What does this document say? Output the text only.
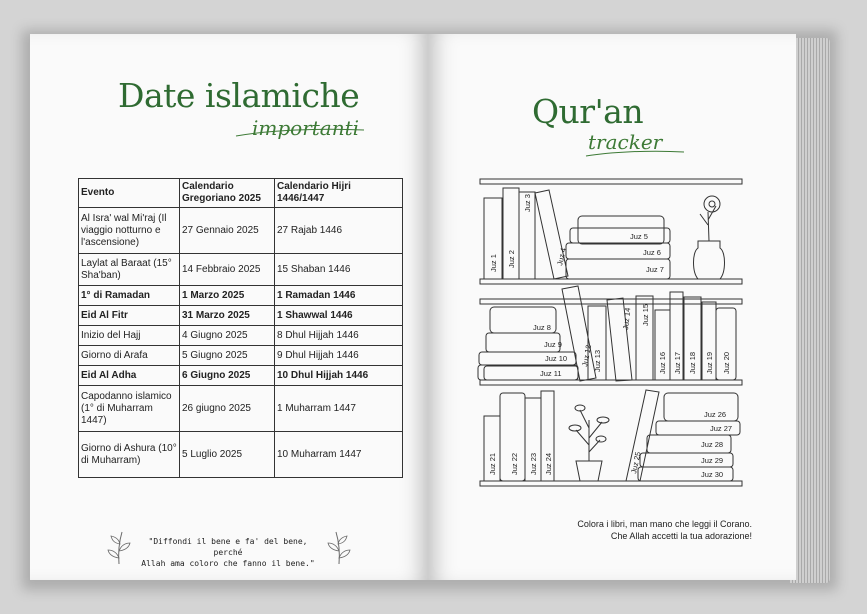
Date islamiche
importanti
Evento	Calendario Gregoriano 2025	Calendario Hijri 1446/1447
Al Isra' wal Mi'raj (Il viaggio notturno e l'ascensione)	27 Gennaio 2025	27 Rajab 1446
Laylat al Baraat (15° Sha'ban)	14 Febbraio 2025	15 Shaban 1446
1° di Ramadan	1 Marzo 2025	1 Ramadan 1446
Eid Al Fitr	31 Marzo 2025	1 Shawwal 1446
Inizio del Hajj	4 Giugno 2025	8 Dhul Hijjah 1446
Giorno di Arafa	5 Giugno 2025	9 Dhul Hijjah 1446
Eid Al Adha	6 Giugno 2025	10 Dhul Hijjah 1446
Capodanno islamico (1° di Muharram 1447)	26 giugno 2025	1 Muharram 1447
Giorno di Ashura (10° di Muharram)	5 Luglio 2025	10 Muharram 1447
"Diffondi il bene e fa' del bene, perché
Allah ama coloro che fanno il bene."
Qur'an
tracker
Juz 1 Juz 2
Juz 3
Juz 4
Juz 5
Juz 6
Juz 7
Juz 8
Juz 9
Juz 10
Juz 11
Juz 12 Juz 13
Juz 14 Juz 15
Juz 16 Juz 17 Juz 18 Juz 19 Juz 20
Juz 21 Juz 22 Juz 23 Juz 24	Juz 25
Juz 26
Juz 27
Juz 28
Juz 29
Juz 30
Colora i libri, man mano che leggi il Corano.
Che Allah accetti la tua adorazione!
